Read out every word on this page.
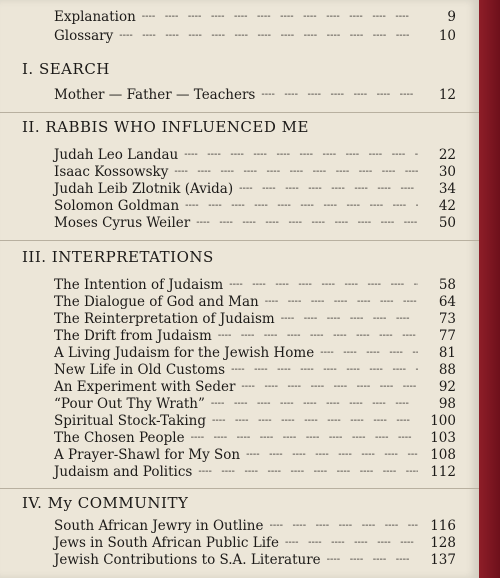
Explanation ----	9
Glossary ----	10
I. SEARCH
Mother — Father — Teachers ----	12
II. RABBIS WHO INFLUENCED ME
Judah Leo Landau ----	22
Isaac Kossowsky ----	30
Judah Leib Zlotnik (Avida) ----	34
Solomon Goldman ----	42
Moses Cyrus Weiler ----	50
III. INTERPRETATIONS
The Intention of Judaism ----	58
The Dialogue of God and Man ----	64
The Reinterpretation of Judaism ----	73
The Drift from Judaism ----	77
A Living Judaism for the Jewish Home ----	81
New Life in Old Customs ----	88
An Experiment with Seder ----	92
“Pour Out Thy Wrath” ----	98
Spiritual Stock-Taking ----	100
The Chosen People ----	103
A Prayer-Shawl for My Son ----	108
Judaism and Politics ----	112
IV. My COMMUNITY
South African Jewry in Outline ----	116
Jews in South African Public Life ----	128
Jewish Contributions to S.A. Literature ----	137
